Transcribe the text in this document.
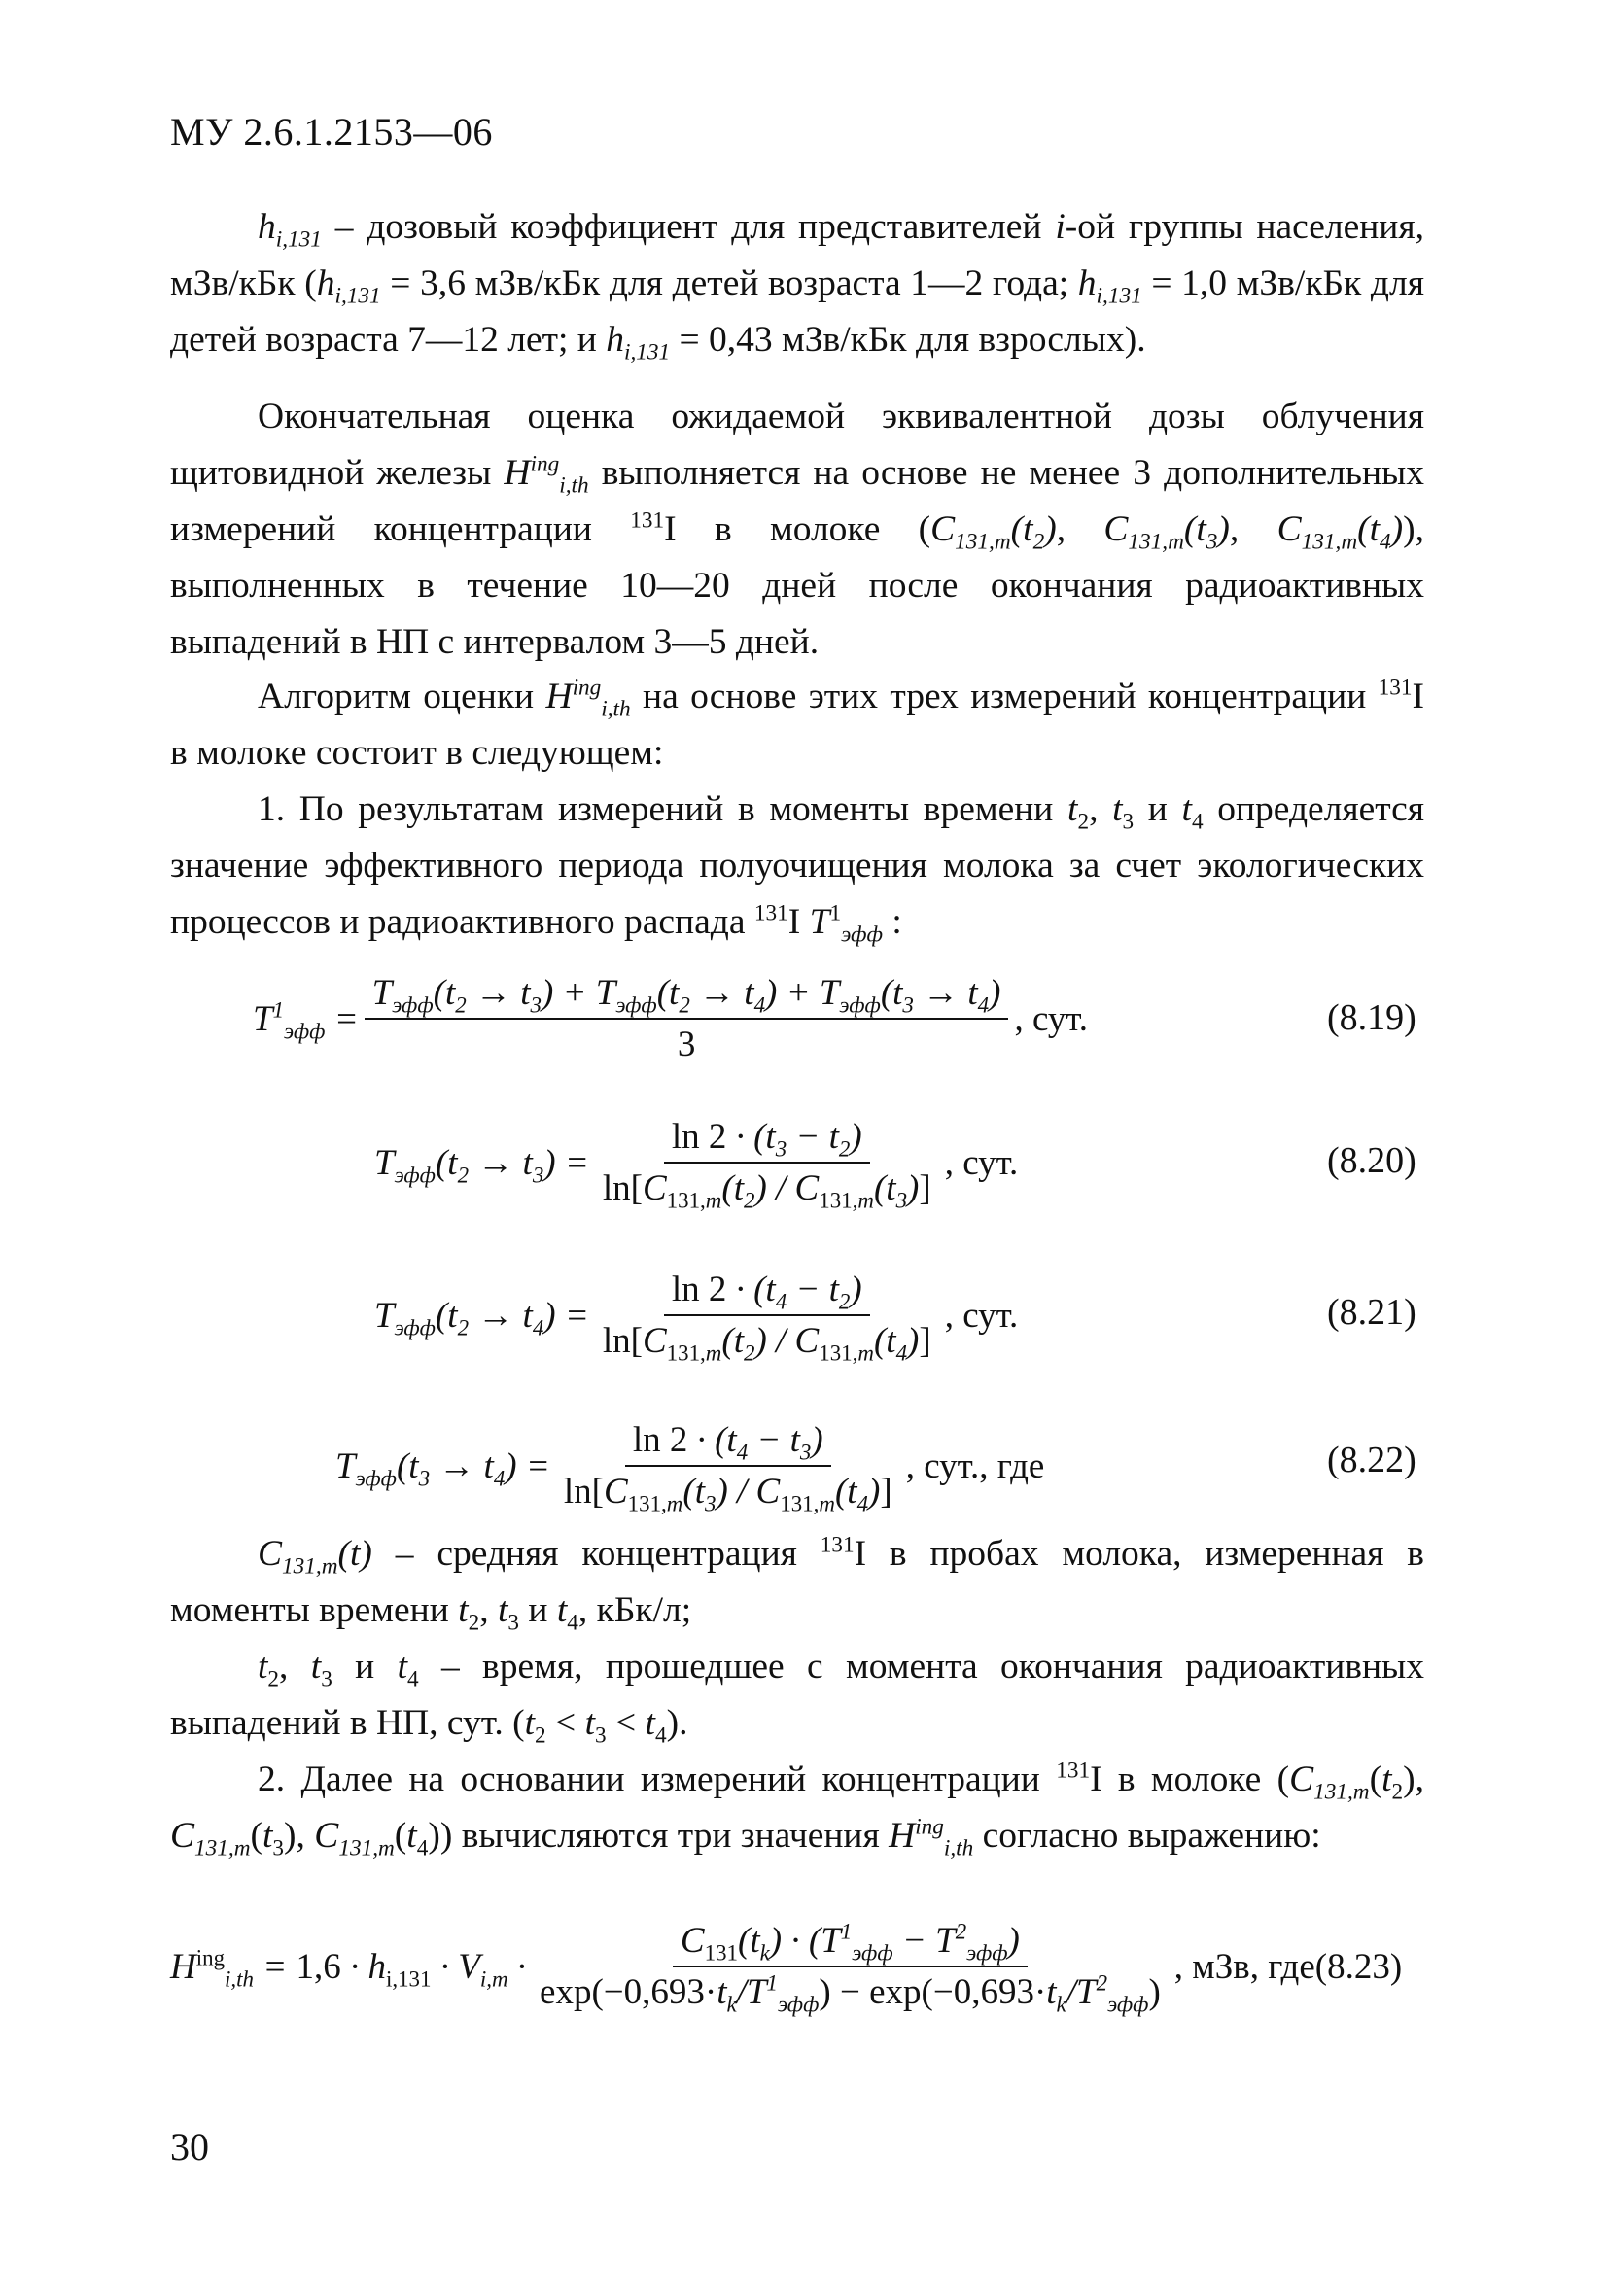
МУ 2.6.1.2153—06

$h_{i,131}$ – дозовый коэффициент для представителей i-ой группы населения, мЗв/кБк ($h_{i,131} = 3,6$ мЗв/кБк для детей возраста 1—2 года; $h_{i,131} = 1,0$ мЗв/кБк для детей возраста 7—12 лет; и $h_{i,131} = 0,43$ мЗв/кБк для взрослых).

Окончательная оценка ожидаемой эквивалентной дозы облучения щитовидной железы $H^{ing}_{i,th}$ выполняется на основе не менее 3 дополнительных измерений концентрации $^{131}$I в молоке ($C_{131,m}(t_2)$, $C_{131,m}(t_3)$, $C_{131,m}(t_4)$), выполненных в течение 10—20 дней после окончания радиоактивных выпадений в НП с интервалом 3—5 дней.

Алгоритм оценки $H^{ing}_{i,th}$ на основе этих трех измерений концентрации $^{131}$I в молоке состоит в следующем:

1. По результатам измерений в моменты времени $t_2$, $t_3$ и $t_4$ определяется значение эффективного периода полуочищения молока за счет экологических процессов и радиоактивного распада $^{131}$I $T^1_{эфф}$ :

$T^1_{эфф} = \frac{T_{эфф}(t_2 \to t_3) + T_{эфф}(t_2 \to t_4) + T_{эфф}(t_3 \to t_4)}{3}$ , сут.	(8.19)
$T_{эфф}(t_2 \to t_3) = \frac{\ln 2 \cdot (t_3 - t_2)}{\ln[C_{131,m}(t_2) / C_{131,m}(t_3)]}$ , сут.	(8.20)
$T_{эфф}(t_2 \to t_4) = \frac{\ln 2 \cdot (t_4 - t_2)}{\ln[C_{131,m}(t_2) / C_{131,m}(t_4)]}$ , сут.	(8.21)
$T_{эфф}(t_3 \to t_4) = \frac{\ln 2 \cdot (t_4 - t_3)}{\ln[C_{131,m}(t_3) / C_{131,m}(t_4)]}$ , сут., где	(8.22)

$C_{131,m}(t)$ – средняя концентрация $^{131}$I в пробах молока, измеренная в моменты времени $t_2$, $t_3$ и $t_4$, кБк/л;

$t_2$, $t_3$ и $t_4$ – время, прошедшее с момента окончания радиоактивных выпадений в НП, сут. $(t_2 < t_3 < t_4)$.

2. Далее на основании измерений концентрации $^{131}$I в молоке ($C_{131,m}(t_2)$, $C_{131,m}(t_3)$, $C_{131,m}(t_4)$) вычисляются три значения $H^{ing}_{i,th}$ согласно выражению:

$H^{ing}_{i,th} = 1,6 \cdot h_{i,131} \cdot V_{i,m} \cdot \frac{C_{131}(t_k) \cdot (T^1_{эфф} - T^2_{эфф})}{\exp(-0,693\cdot t_k/T^1_{эфф}) - \exp(-0,693\cdot t_k/T^2_{эфф})}$ , мЗв, где (8.23)
30
